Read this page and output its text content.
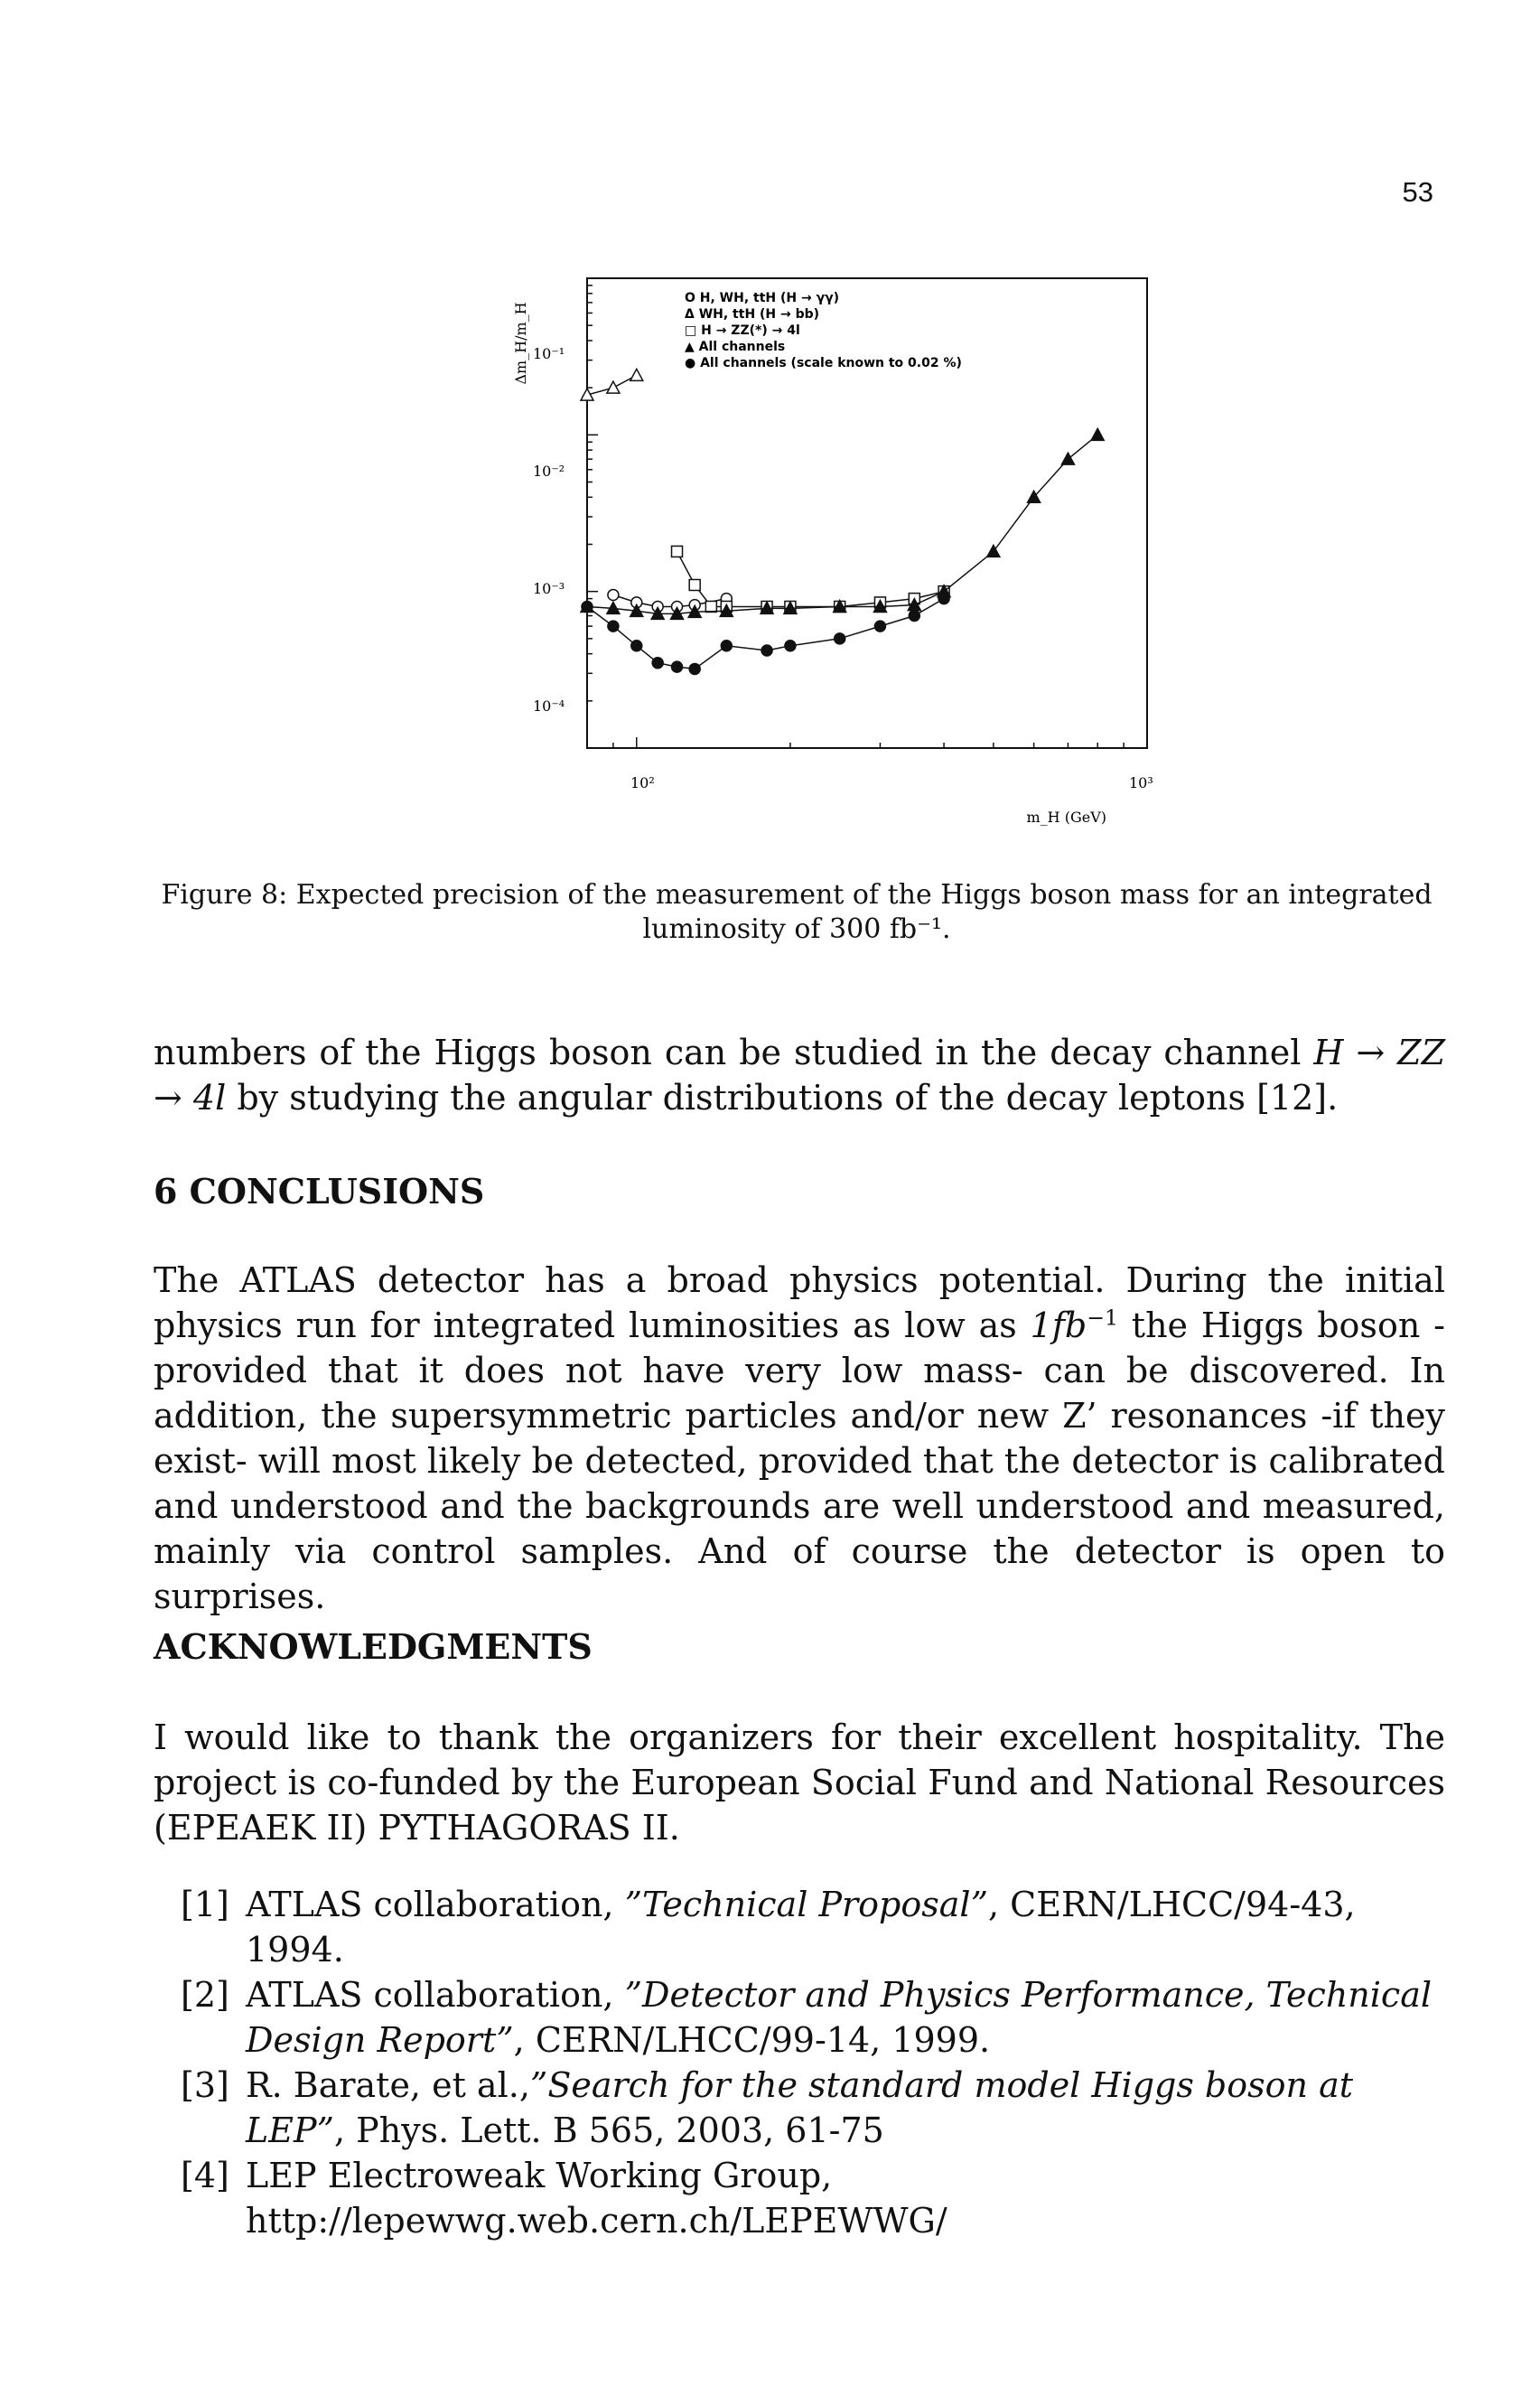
53
Δm_H/m_H 10⁻¹
10⁻²
10⁻³
10⁻⁴
10²	10³
m_H (GeV)
O H, WH, ttH (H → γγ)
Δ WH, ttH (H → bb)
□ H → ZZ(*) → 4l
▲ All channels
● All channels (scale known to 0.02 %)
Figure 8: Expected precision of the measurement of the Higgs boson mass for an integrated luminosity of 300 fb⁻¹.
numbers of the Higgs boson can be studied in the decay channel H → ZZ → 4l by studying the angular distributions of the decay leptons [12].
6 CONCLUSIONS
The ATLAS detector has a broad physics potential. During the initial physics run for integrated luminosities as low as $1fb^{-1}$ the Higgs boson -provided that it does not have very low mass- can be discovered. In addition, the supersymmetric particles and/or new Z’ resonances -if they exist- will most likely be detected, provided that the detector is calibrated and understood and the backgrounds are well understood and measured, mainly via control samples. And of course the detector is open to surprises.
ACKNOWLEDGMENTS
I would like to thank the organizers for their excellent hospitality. The project is co-funded by the European Social Fund and National Resources (EPEAEK II) PYTHAGORAS II.
[1] ATLAS collaboration, ”Technical Proposal”, CERN/LHCC/94-43, 1994.
[2] ATLAS collaboration, ”Detector and Physics Performance, Technical Design Report”, CERN/LHCC/99-14, 1999.
[3] R. Barate, et al.,”Search for the standard model Higgs boson at LEP”, Phys. Lett. B 565, 2003, 61-75
[4] LEP Electroweak Working Group, http://lepewwg.web.cern.ch/LEPEWWG/
